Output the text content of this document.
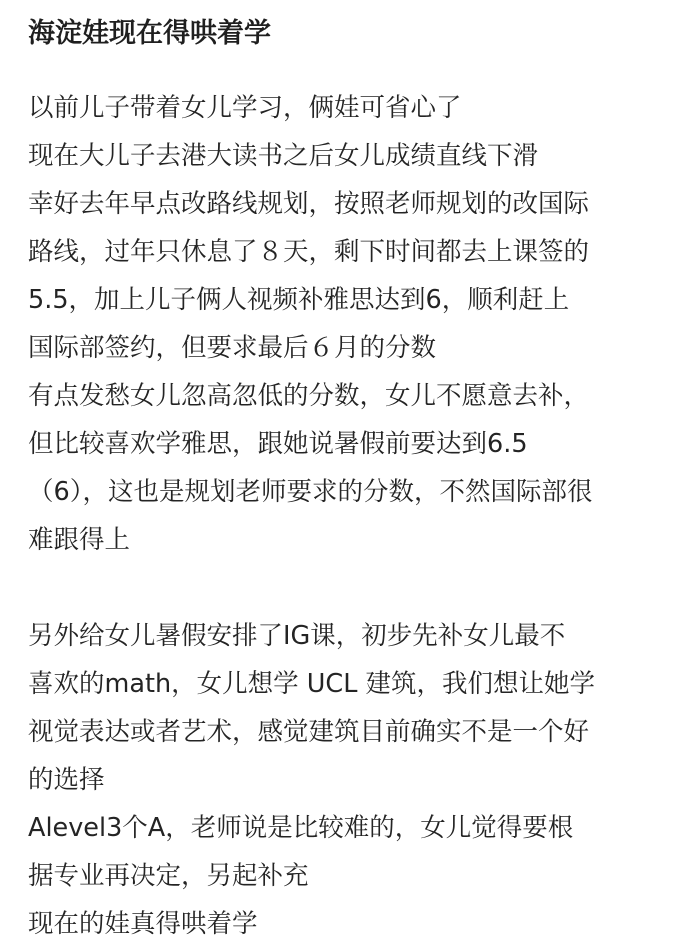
海淀娃现在得哄着学
以前儿子带着女儿学习，俩娃可省心了
现在大儿子去港大读书之后女儿成绩直线下滑
幸好去年早点改路线规划，按照老师规划的改国际
路线，过年只休息了８天，剩下时间都去上课签的
5.5，加上儿子俩人视频补雅思达到6，顺利赶上
国际部签约，但要求最后６月的分数
有点发愁女儿忽高忽低的分数，女儿不愿意去补，
但比较喜欢学雅思，跟她说暑假前要达到6.5
（6），这也是规划老师要求的分数，不然国际部很
难跟得上
另外给女儿暑假安排了IG课，初步先补女儿最不
喜欢的math，女儿想学 UCL 建筑，我们想让她学
视觉表达或者艺术，感觉建筑目前确实不是一个好
的选择
Alevel3个A，老师说是比较难的，女儿觉得要根
据专业再决定，另起补充
现在的娃真得哄着学
